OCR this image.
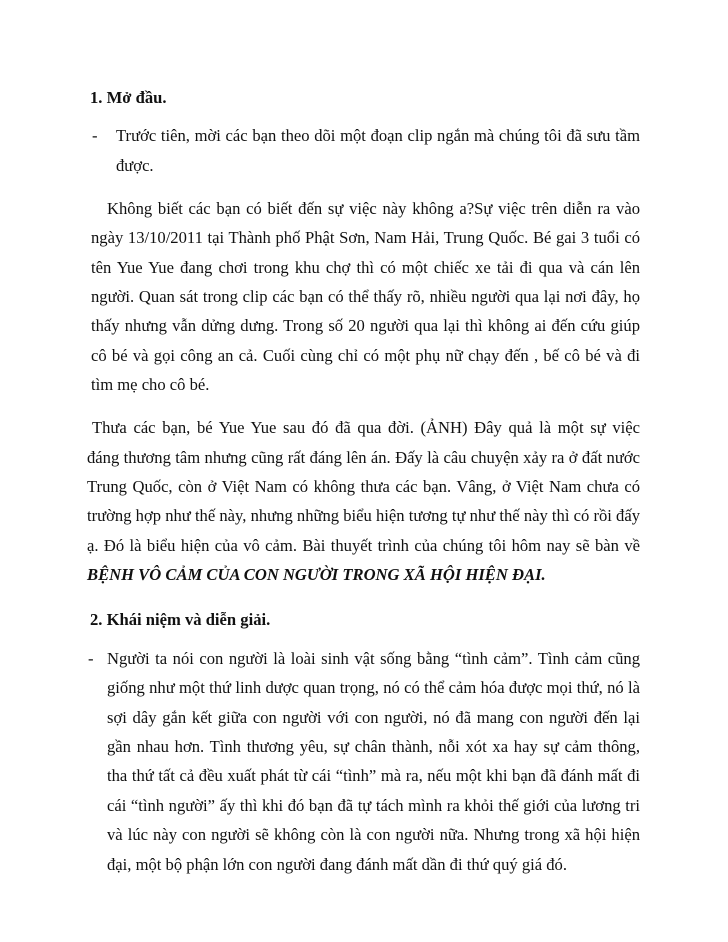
1. Mở đầu.
- Trước tiên, mời các bạn theo dõi một đoạn clip ngắn mà chúng tôi đã sưu tầm
được.
Không biết các bạn có biết đến sự việc này không a?Sự việc trên diễn ra vào
ngày 13/10/2011 tại Thành phố Phật Sơn, Nam Hải, Trung Quốc. Bé gai 3 tuổi có
tên Yue Yue đang chơi trong khu chợ thì có một chiếc xe tải đi qua và cán lên
người. Quan sát trong clip các bạn có thể thấy rõ, nhiều người qua lại nơi đây, họ
thấy nhưng vẫn dửng dưng. Trong số 20 người qua lại thì không ai đến cứu giúp
cô bé và gọi công an cả. Cuối cùng chỉ có một phụ nữ chạy đến , bế cô bé và đi
tìm mẹ cho cô bé.
Thưa các bạn, bé Yue Yue sau đó đã qua đời. (ẢNH) Đây quả là một sự việc
đáng thương tâm nhưng cũng rất đáng lên án. Đấy là câu chuyện xảy ra ở đất nước
Trung Quốc, còn ở Việt Nam có không thưa các bạn. Vâng, ở Việt Nam chưa có
trường hợp như thế này, nhưng những biểu hiện tương tự như thế này thì có rồi đấy
ạ. Đó là biểu hiện của vô cảm. Bài thuyết trình của chúng tôi hôm nay sẽ bàn về
BỆNH VÔ CẢM CỦA CON NGƯỜI TRONG XÃ HỘI HIỆN ĐẠI.
2. Khái niệm và diễn giải.
- Người ta nói con người là loài sinh vật sống bằng “tình cảm”. Tình cảm cũng
giống như một thứ linh dược quan trọng, nó có thể cảm hóa được mọi thứ, nó là
sợi dây gắn kết giữa con người với con người, nó đã mang con người đến lại
gần nhau hơn. Tình thương yêu, sự chân thành, nỗi xót xa hay sự cảm thông,
tha thứ tất cả đều xuất phát từ cái “tình” mà ra, nếu một khi bạn đã đánh mất đi
cái “tình người” ấy thì khi đó bạn đã tự tách mình ra khỏi thế giới của lương tri
và lúc này con người sẽ không còn là con người nữa. Nhưng trong xã hội hiện
đại, một bộ phận lớn con người đang đánh mất dần đi thứ quý giá đó.
